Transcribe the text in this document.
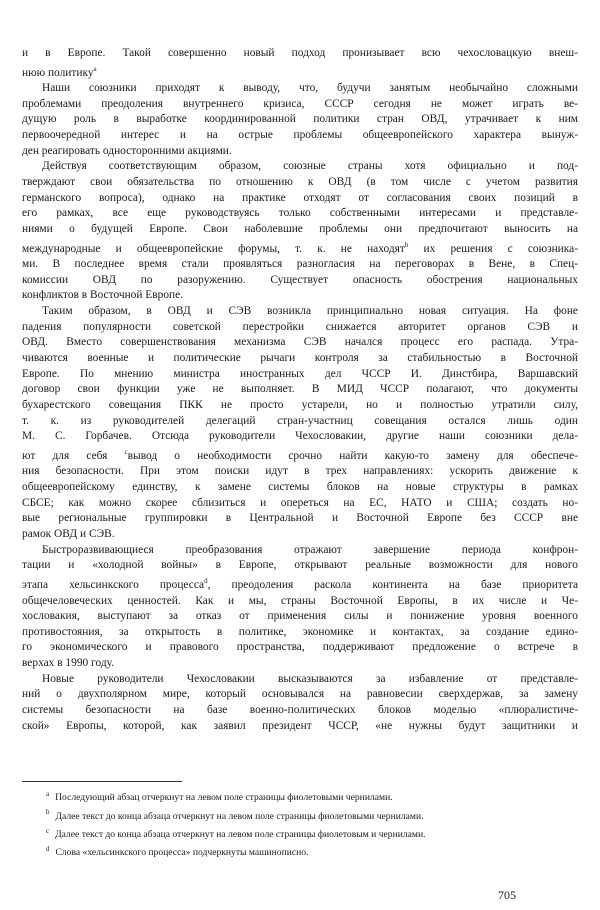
и в Европе. Такой совершенно новый подход пронизывает всю чехословацкую внеш-
нюю политику$^а$
Наши союзники приходят к выводу, что, будучи занятым необычайно сложными
проблемами преодоления внутреннего кризиса, СССР сегодня не может играть ве-
дущую роль в выработке координированной политики стран ОВД, утрачивает к ним
первоочередной интерес и на острые проблемы общеевропейского характера вынуж-
ден реагировать односторонними акциями.
Действуя соответствующим образом, союзные страны хотя официально и под-
тверждают свои обязательства по отношению к ОВД (в том числе с учетом развития
германского вопроса), однако на практике отходят от согласования своих позиций в
его рамках, все еще руководствуясь только собственными интересами и представле-
ниями о будущей Европе. Свои наболевшие проблемы они предпочитают выносить на
международные и общеевропейские форумы, т. к. не находят$^b$ их решения с союзника-
ми. В последнее время стали проявляться разногласия на переговорах в Вене, в Спец-
комиссии ОВД по разоружению. Существует опасность обострения национальных
конфликтов в Восточной Европе.
Таким образом, в ОВД и СЭВ возникла принципиально новая ситуация. На фоне
падения популярности советской перестройки снижается авторитет органов СЭВ и
ОВД. Вместо совершенствования механизма СЭВ начался процесс его распада. Утра-
чиваются военные и политические рычаги контроля за стабильностью в Восточной
Европе. По мнению министра иностранных дел ЧССР И. Динстбира, Варшавский
договор свои функции уже не выполняет. В МИД ЧССР полагают, что документы
бухарестского совещания ПКК не просто устарели, но и полностью утратили силу,
т. к. из руководителей делегаций стран-участниц совещания остался лишь один
М. С. Горбачев. Отсюда руководители Чехословакии, другие наши союзники дела-
ют для себя $^c$вывод о необходимости срочно найти какую-то замену для обеспече-
ния безопасности. При этом поиски идут в трех направлениях: ускорить движение к
общеевропейскому единству, к замене системы блоков на новые структуры в рамках
СБСЕ; как можно скорее сблизиться и опереться на ЕС, НАТО и США; создать но-
вые региональные группировки в Центральной и Восточной Европе без СССР вне
рамок ОВД и СЭВ.
Быстроразвивающиеся преобразования отражают завершение периода конфрон-
тации и «холодной войны» в Европе, открывают реальные возможности для нового
этапа хельсинкского процесса$^d$, преодоления раскола континента на базе приоритета
общечеловеческих ценностей. Как и мы, страны Восточной Европы, в их числе и Че-
хословакия, выступают за отказ от применения силы и понижение уровня военного
противостояния, за открытость в политике, экономике и контактах, за создание едино-
го экономического и правового пространства, поддерживают предложение о встрече в
верхах в 1990 году.
Новые руководители Чехословакии высказываются за избавление от представле-
ний о двухполярном мире, который основывался на равновесии сверхдержав, за замену
системы безопасности на базе военно-политических блоков моделью «плюралистиче-
ской» Европы, которой, как заявил президент ЧССР, «не нужны будут защитники и
$^a$ Последующий абзац отчеркнут на левом поле страницы фиолетовыми чернилами.
$^b$ Далее текст до конца абзаца отчеркнут на левом поле страницы фиолетовыми чернилами.
$^c$ Далее текст до конца абзаца отчеркнут на левом поле страницы фиолетовым и чернилами.
$^d$ Слова «хельсинкского процесса» подчеркнуты машинописно.
705
